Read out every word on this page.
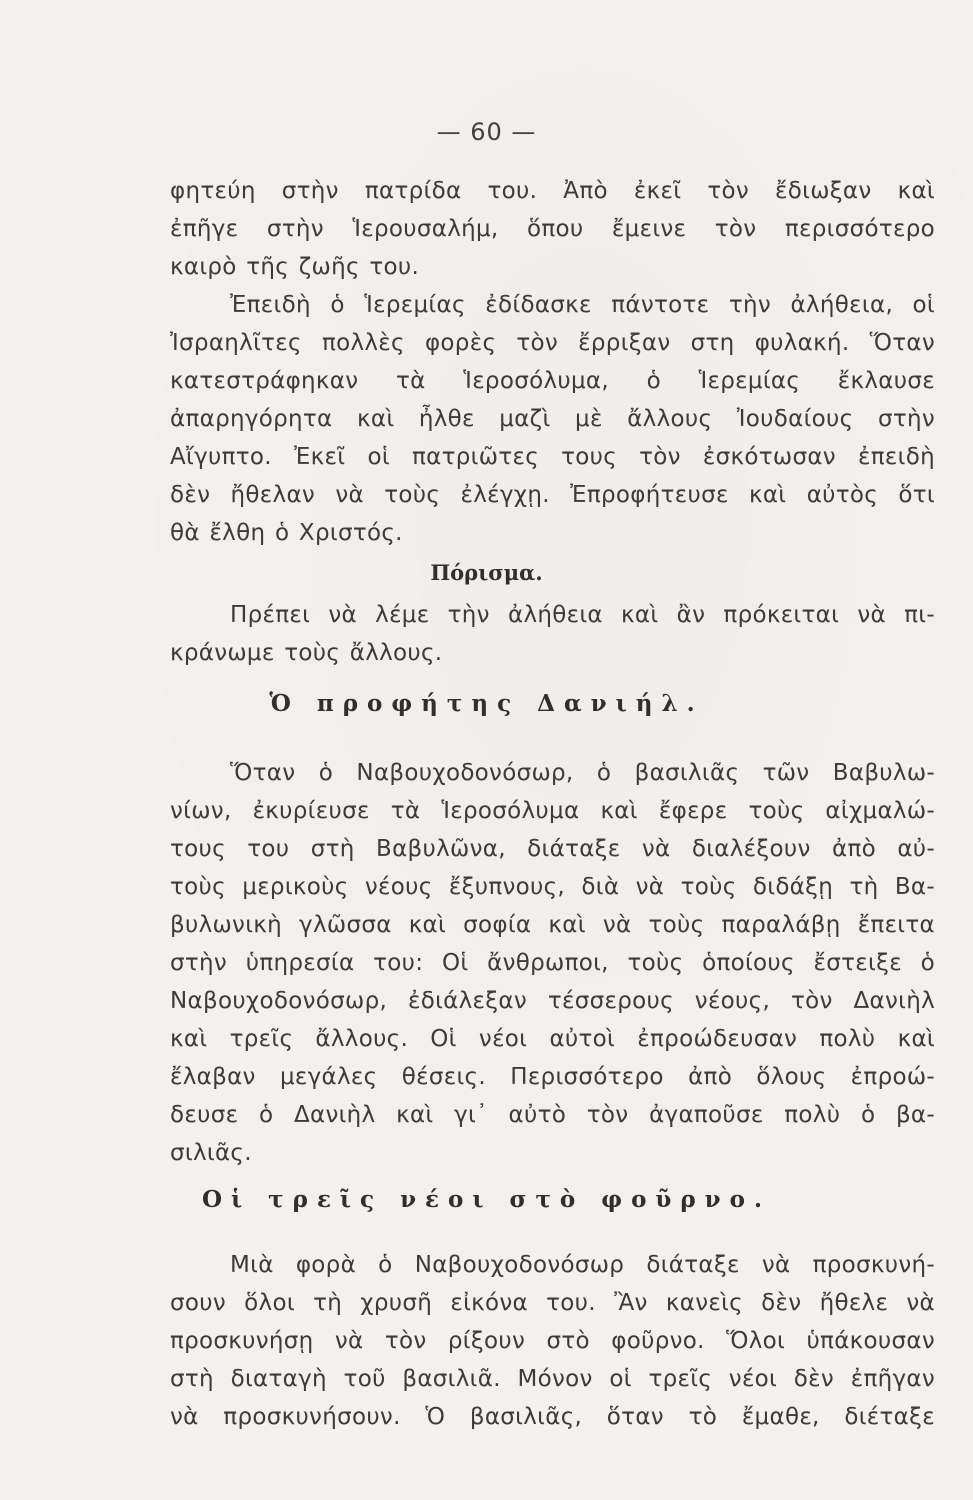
— 60 —
φητεύη στὴν πατρίδα του. Ἀπὸ ἐκεῖ τὸν ἔδιωξαν καὶ
ἐπῆγε στὴν Ἱερουσαλήμ, ὅπου ἔμεινε τὸν περισσότερο
καιρὸ τῆς ζωῆς του.
Ἐπειδὴ ὁ Ἱερεμίας ἐδίδασκε πάντοτε τὴν ἀλήθεια, οἱ
Ἰσραηλῖτες πολλὲς φορὲς τὸν ἔρριξαν στη φυλακή. Ὅταν
κατεστράφηκαν τὰ Ἱεροσόλυμα, ὁ Ἱερεμίας ἔκλαυσε
ἀπαρηγόρητα καὶ ἦλθε μαζὶ μὲ ἄλλους Ἰουδαίους στὴν
Αἴγυπτο. Ἐκεῖ οἱ πατριῶτες τους τὸν ἐσκότωσαν ἐπειδὴ
δὲν ἤθελαν νὰ τοὺς ἐλέγχῃ. Ἐπροφήτευσε καὶ αὐτὸς ὅτι
θὰ ἔλθη ὁ Χριστός.
Πόρισμα.
Πρέπει νὰ λέμε τὴν ἀλήθεια καὶ ἂν πρόκειται νὰ πι-
κράνωμε τοὺς ἄλλους.
Ὁ προφήτης Δανιήλ.
Ὅταν ὁ Ναβουχοδονόσωρ, ὁ βασιλιᾶς τῶν Βαβυλω-
νίων, ἐκυρίευσε τὰ Ἱεροσόλυμα καὶ ἔφερε τοὺς αἰχμαλώ-
τους του στὴ Βαβυλῶνα, διάταξε νὰ διαλέξουν ἀπὸ αὐ-
τοὺς μερικοὺς νέους ἔξυπνους, διὰ νὰ τοὺς διδάξῃ τὴ Βα-
βυλωνικὴ γλῶσσα καὶ σοφία καὶ νὰ τοὺς παραλάβῃ ἔπειτα
στὴν ὑπηρεσία του: Οἱ ἄνθρωποι, τοὺς ὁποίους ἔστειξε ὁ
Ναβουχοδονόσωρ, ἐδιάλεξαν τέσσερους νέους, τὸν Δανιὴλ
καὶ τρεῖς ἄλλους. Οἱ νέοι αὐτοὶ ἐπροώδευσαν πολὺ καὶ
ἔλαβαν μεγάλες θέσεις. Περισσότερο ἀπὸ ὅλους ἐπροώ-
δευσε ὁ Δανιὴλ καὶ γι᾽ αὐτὸ τὸν ἀγαποῦσε πολὺ ὁ βα-
σιλιᾶς.
Οἱ τρεῖς νέοι στὸ φοῦρνο.
Μιὰ φορὰ ὁ Ναβουχοδονόσωρ διάταξε νὰ προσκυνή-
σουν ὅλοι τὴ χρυσῆ εἰκόνα του. Ἂν κανεὶς δὲν ἤθελε νὰ
προσκυνήσῃ νὰ τὸν ρίξουν στὸ φοῦρνο. Ὅλοι ὑπάκουσαν
στὴ διαταγὴ τοῦ βασιλιᾶ. Μόνον οἱ τρεῖς νέοι δὲν ἐπῆγαν
νὰ προσκυνήσουν. Ὁ βασιλιᾶς, ὅταν τὸ ἔμαθε, διέταξε
